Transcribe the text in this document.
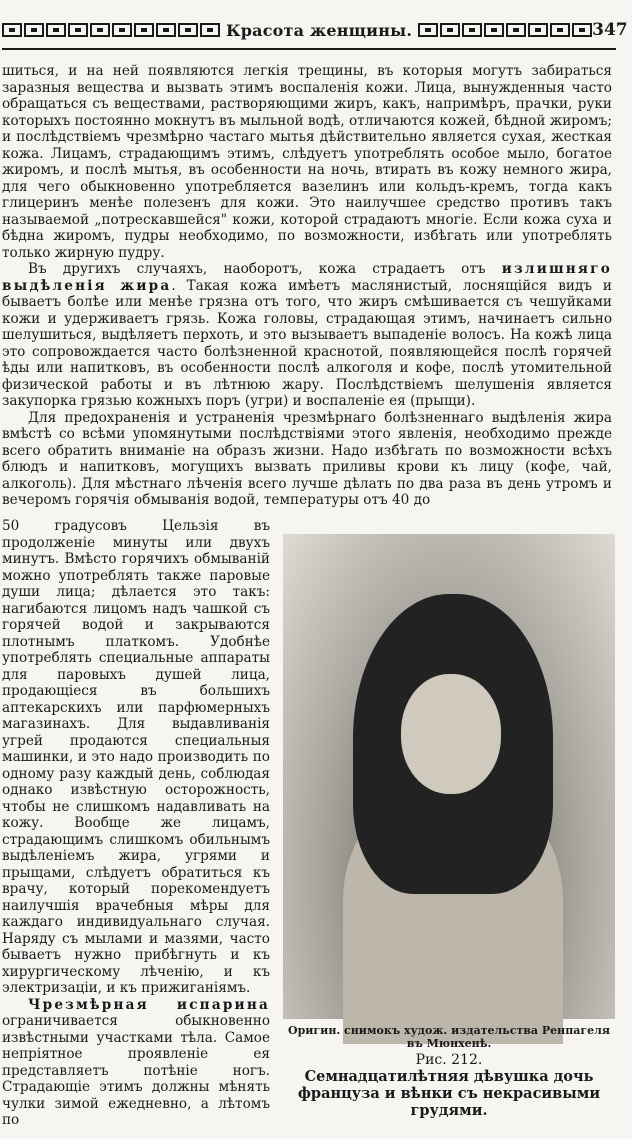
Красота женщины.	347

шиться, и на ней появляются легкія трещины, въ которыя могутъ забираться заразныя вещества и вызвать этимъ воспаленія кожи. Лица, вынужденныя часто обращаться съ веществами, растворяющими жиръ, какъ, напримѣръ, прачки, руки которыхъ постоянно мокнутъ въ мыльной водѣ, отличаются кожей, бѣдной жиромъ; и послѣдствіемъ чрезмѣрно частаго мытья дѣйствительно является сухая, жесткая кожа. Лицамъ, страдающимъ этимъ, слѣдуетъ употреблять особое мыло, богатое жиромъ, и послѣ мытья, въ особенности на ночь, втирать въ кожу немного жира, для чего обыкновенно употребляется вазелинъ или кольдъ-кремъ, тогда какъ глицеринъ менѣе полезенъ для кожи. Это наилучшее средство противъ такъ называемой „потрескавшейся" кожи, которой страдаютъ многіе. Если кожа суха и бѣдна жиромъ, пудры необходимо, по возможности, избѣгать или употреблять только жирную пудру.

Въ другихъ случаяхъ, наоборотъ, кожа страдаетъ отъ излишняго выдѣленія жира. Такая кожа имѣетъ маслянистый, лоснящійся видъ и бываетъ болѣе или менѣе грязна отъ того, что жиръ смѣшивается съ чешуйками кожи и удерживаетъ грязь. Кожа головы, страдающая этимъ, начинаетъ сильно шелушиться, выдѣляетъ перхоть, и это вызываетъ выпаденіе волосъ. На кожѣ лица это сопровождается часто болѣзненной краснотой, появляющейся послѣ горячей ѣды или напитковъ, въ особенности послѣ алкоголя и кофе, послѣ утомительной физической работы и въ лѣтнюю жару. Послѣдствіемъ шелушенія является закупорка грязью кожныхъ поръ (угри) и воспаленіе ея (прыщи).

Для предохраненія и устраненія чрезмѣрнаго болѣзненнаго выдѣленія жира вмѣстѣ со всѣми упомянутыми послѣдствіями этого явленія, необходимо прежде всего обратить вниманіе на образъ жизни. Надо избѣгать по возможности всѣхъ блюдъ и напитковъ, могущихъ вызвать приливы крови къ лицу (кофе, чай, алкоголь). Для мѣстнаго лѣченія всего лучше дѣлать по два раза въ день утромъ и вечеромъ горячія обмыванія водой, температуры отъ 40 до

50 градусовъ Цельзія въ продолженіе минуты или двухъ минутъ. Вмѣсто горячихъ обмываній можно употреблять также паровые души лица; дѣлается это такъ: нагибаются лицомъ надъ чашкой съ горячей водой и закрываются плотнымъ платкомъ. Удобнѣе употреблять специальные аппараты для паровыхъ душей лица, продающіеся въ большихъ аптекарскихъ или парфюмерныхъ магазинахъ. Для выдавливанія угрей продаются специальныя машинки, и это надо производить по одному разу каждый день, соблюдая однако извѣстную осторожность, чтобы не слишкомъ надавливать на кожу. Вообще же лицамъ, страдающимъ слишкомъ обильнымъ выдѣленіемъ жира, угрями и прыщами, слѣдуетъ обратиться къ врачу, который порекомендуетъ наилучшія врачебныя мѣры для каждаго индивидуальнаго случая. Наряду съ мылами и мазями, часто бываетъ нужно прибѣгнуть и къ хирургическому лѣченію, и къ электризаціи, и къ прижиганіямъ.

Чрезмѣрная испарина ограничивается обыкновенно извѣстными участками тѣла. Самое непріятное проявленіе ея представляетъ потѣніе ногъ. Страдающіе этимъ должны мѣнять чулки зимой ежедневно, а лѣтомъ по

Оригин. снимокъ худож. издательства Ренпагеля въ Мюнхенѣ.
Рис. 212.
Семнадцатилѣтняя дѣвушка дочь француза и вѣнки съ некрасивыми грудями.
